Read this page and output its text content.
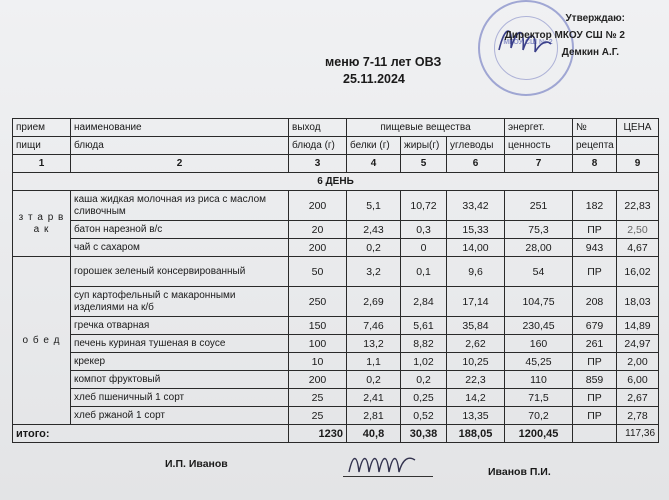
МКОУ СШ № 2
Утверждаю:
Директор МКОУ СШ № 2
Демкин А.Г.
меню 7-11 лет ОВЗ
25.11.2024
прием	наименование	выход	пищевые вещества			энергет.	№	ЦЕНА
пищи	блюда	блюда (г)	белки (г)	жиры(г)	углеводы	ценность	рецепта	
1	2	3	4	5	6	7	8	9
6 ДЕНЬ								
з т а р в а к	каша жидкая молочная из риса с маслом сливочным	200	5,1	10,72	33,42	251	182	22,83
	батон нарезной в/с	20	2,43	0,3	15,33	75,3	ПР	2,50
	чай с сахаром	200	0,2	0	14,00	28,00	943	4,67
о б е д	горошек зеленый консервированный	50	3,2	0,1	9,6	54	ПР	16,02
	суп картофельный с макаронными изделиями на к/б	250	2,69	2,84	17,14	104,75	208	18,03
	гречка отварная	150	7,46	5,61	35,84	230,45	679	14,89
	печень куриная тушеная в соусе	100	13,2	8,82	2,62	160	261	24,97
	крекер	10	1,1	1,02	10,25	45,25	ПР	2,00
	компот фруктовый	200	0,2	0,2	22,3	110	859	6,00
	хлеб пшеничный 1 сорт	25	2,41	0,25	14,2	71,5	ПР	2,67
	хлеб ржаной 1 сорт	25	2,81	0,52	13,35	70,2	ПР	2,78
итого:		1230	40,8	30,38	188,05	1200,45		117,36
И.П. Иванов
Иванов П.И.
